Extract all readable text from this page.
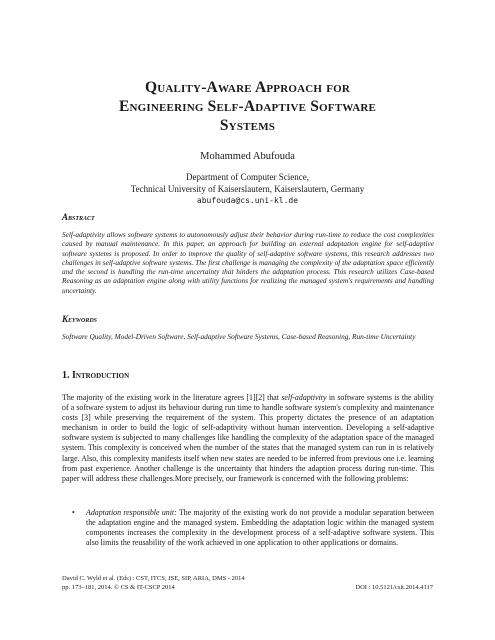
Quality-Aware Approach for
Engineering Self-Adaptive Software
Systems
Mohammed Abufouda
Department of Computer Science,
Technical University of Kaiserslautern, Kaiserslautern, Germany
abufouda@cs.uni-kl.de
Abstract
Self-adaptivity allows software systems to autonomously adjust their behavior during run-time to reduce the cost complexities caused by manual maintenance. In this paper, an approach for building an external adaptation engine for self-adaptive software systems is proposed. In order to improve the quality of self-adaptive software systems, this research addresses two challenges in self-adaptive software systems. The first challenge is managing the complexity of the adaptation space efficiently and the second is handling the run-time uncertainty that hinders the adaptation process. This research utilizes Case-based Reasoning as an adaptation engine along with utility functions for realizing the managed system's requirements and handling uncertainty.
Keywords
Software Quality, Model-Driven Software, Self-adaptive Software Systems, Case-based Reasoning, Run-time Uncertainty
1. Introduction
The majority of the existing work in the literature agrees [1][2] that self-adaptivity in software systems is the ability of a software system to adjust its behaviour during run time to handle software system's complexity and maintenance costs [3] while preserving the requirement of the system. This property dictates the presence of an adaptation mechanism in order to build the logic of self-adaptivity without human intervention. Developing a self-adaptive software system is subjected to many challenges like handling the complexity of the adaptation space of the managed system. This complexity is conceived when the number of the states that the managed system can run in is relatively large. Also, this complexity manifests itself when new states are needed to be inferred from previous one i.e. learning from past experience. Another challenge is the uncertainty that hinders the adaption process during run-time. This paper will address these challenges.More precisely, our framework is concerned with the following problems:
• Adaptation responsible unit: The majority of the existing work do not provide a modular separation between the adaptation engine and the managed system. Embedding the adaptation logic within the managed system components increases the complexity in the development process of a self-adaptive software system. This also limits the reusability of the work achieved in one application to other applications or domains.
David C. Wyld et al. (Eds) : CST, ITCS, JSE, SIP, ARIA, DMS - 2014
pp. 173–181, 2014. © CS & IT-CSCP 2014	DOI : 10.5121/csit.2014.4117
